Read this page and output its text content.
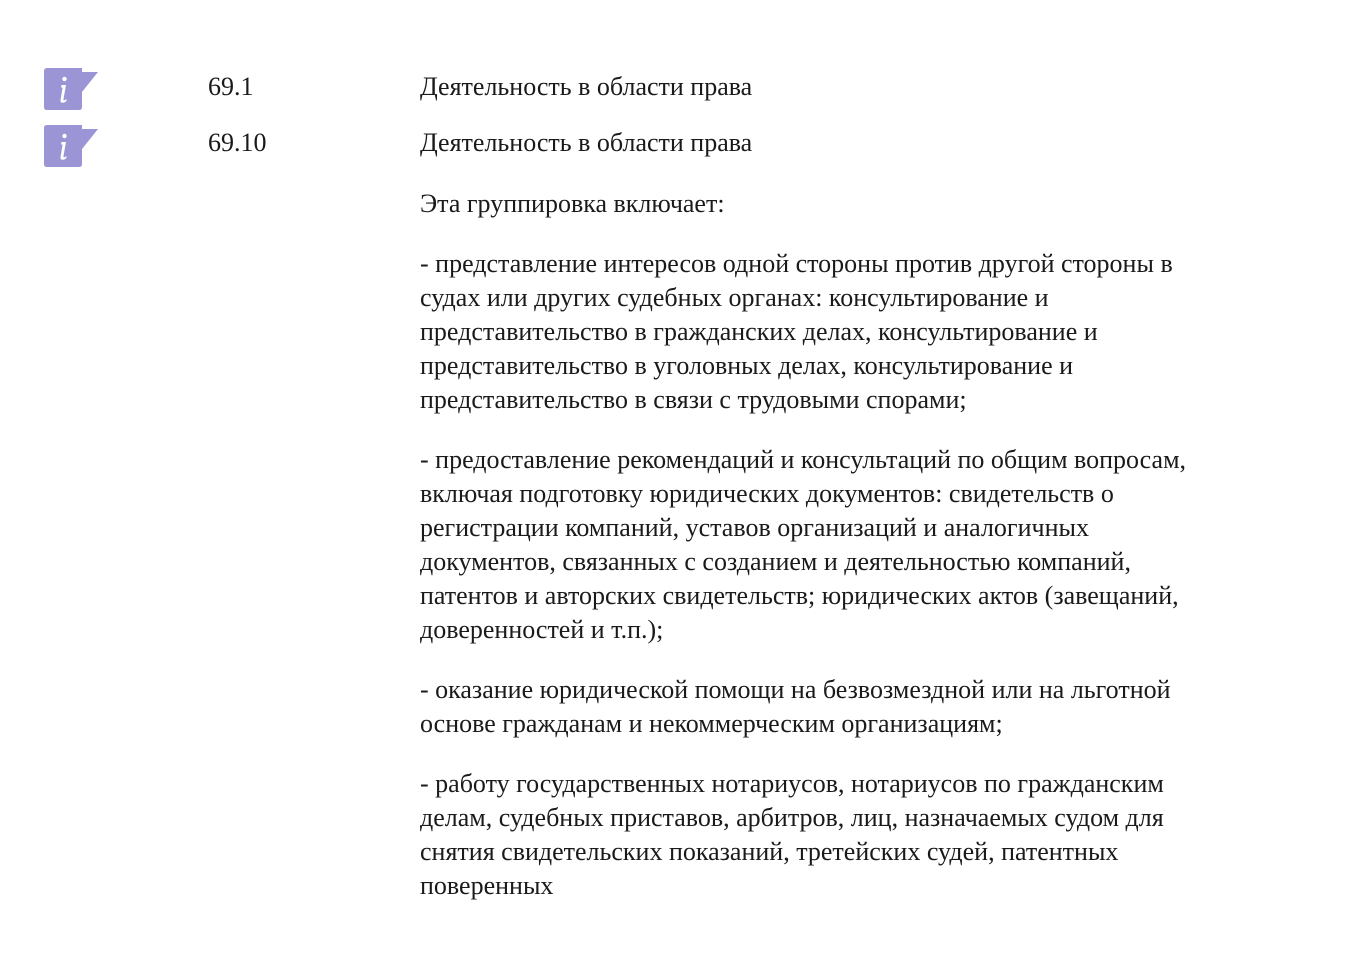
69.1	Деятельность в области права
69.10	Деятельность в области права

Эта группировка включает:

- представление интересов одной стороны против другой стороны в
судах или других судебных органах: консультирование и
представительство в гражданских делах, консультирование и
представительство в уголовных делах, консультирование и
представительство в связи с трудовыми спорами;

- предоставление рекомендаций и консультаций по общим вопросам,
включая подготовку юридических документов: свидетельств о
регистрации компаний, уставов организаций и аналогичных
документов, связанных с созданием и деятельностью компаний,
патентов и авторских свидетельств; юридических актов (завещаний,
доверенностей и т.п.);

- оказание юридической помощи на безвозмездной или на льготной
основе гражданам и некоммерческим организациям;

- работу государственных нотариусов, нотариусов по гражданским
делам, судебных приставов, арбитров, лиц, назначаемых судом для
снятия свидетельских показаний, третейских судей, патентных
поверенных
